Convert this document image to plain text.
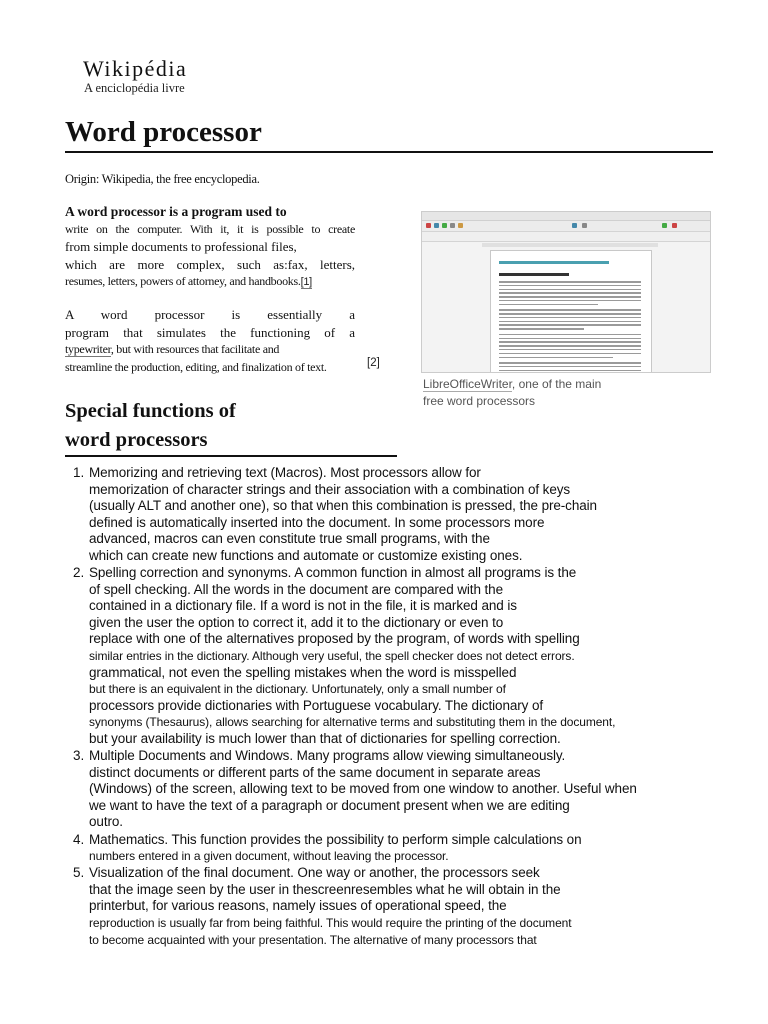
Wikipédia
A enciclopédia livre
Word processor
Origin: Wikipedia, the free encyclopedia.
A word processor is a program used to
write on the computer. With it, it is possible to create
from simple documents to professional files,
which are more complex, such as:fax, letters,
resumes, letters, powers of attorney, and handbooks.[1]
A word processor is essentially a
program that simulates the functioning of a
typewriter, but with resources that facilitate and
streamline the production, editing, and finalization of text.	[2]
LibreOfficeWriter, one of the main
free word processors
Special functions of
word processors
1. Memorizing and retrieving text (Macros). Most processors allow for
memorization of character strings and their association with a combination of keys
(usually ALT and another one), so that when this combination is pressed, the pre-chain
defined is automatically inserted into the document. In some processors more
advanced, macros can even constitute true small programs, with the
which can create new functions and automate or customize existing ones.
2. Spelling correction and synonyms. A common function in almost all programs is the
of spell checking. All the words in the document are compared with the
contained in a dictionary file. If a word is not in the file, it is marked and is
given the user the option to correct it, add it to the dictionary or even to
replace with one of the alternatives proposed by the program, of words with spelling
similar entries in the dictionary. Although very useful, the spell checker does not detect errors.
grammatical, not even the spelling mistakes when the word is misspelled
but there is an equivalent in the dictionary. Unfortunately, only a small number of
processors provide dictionaries with Portuguese vocabulary. The dictionary of
synonyms (Thesaurus), allows searching for alternative terms and substituting them in the document,
but your availability is much lower than that of dictionaries for spelling correction.
3. Multiple Documents and Windows. Many programs allow viewing simultaneously.
distinct documents or different parts of the same document in separate areas
(Windows) of the screen, allowing text to be moved from one window to another. Useful when
we want to have the text of a paragraph or document present when we are editing
outro.
4. Mathematics. This function provides the possibility to perform simple calculations on
numbers entered in a given document, without leaving the processor.
5. Visualization of the final document. One way or another, the processors seek
that the image seen by the user in thescreenresembles what he will obtain in the
printerbut, for various reasons, namely issues of operational speed, the
reproduction is usually far from being faithful. This would require the printing of the document
to become acquainted with your presentation. The alternative of many processors that
